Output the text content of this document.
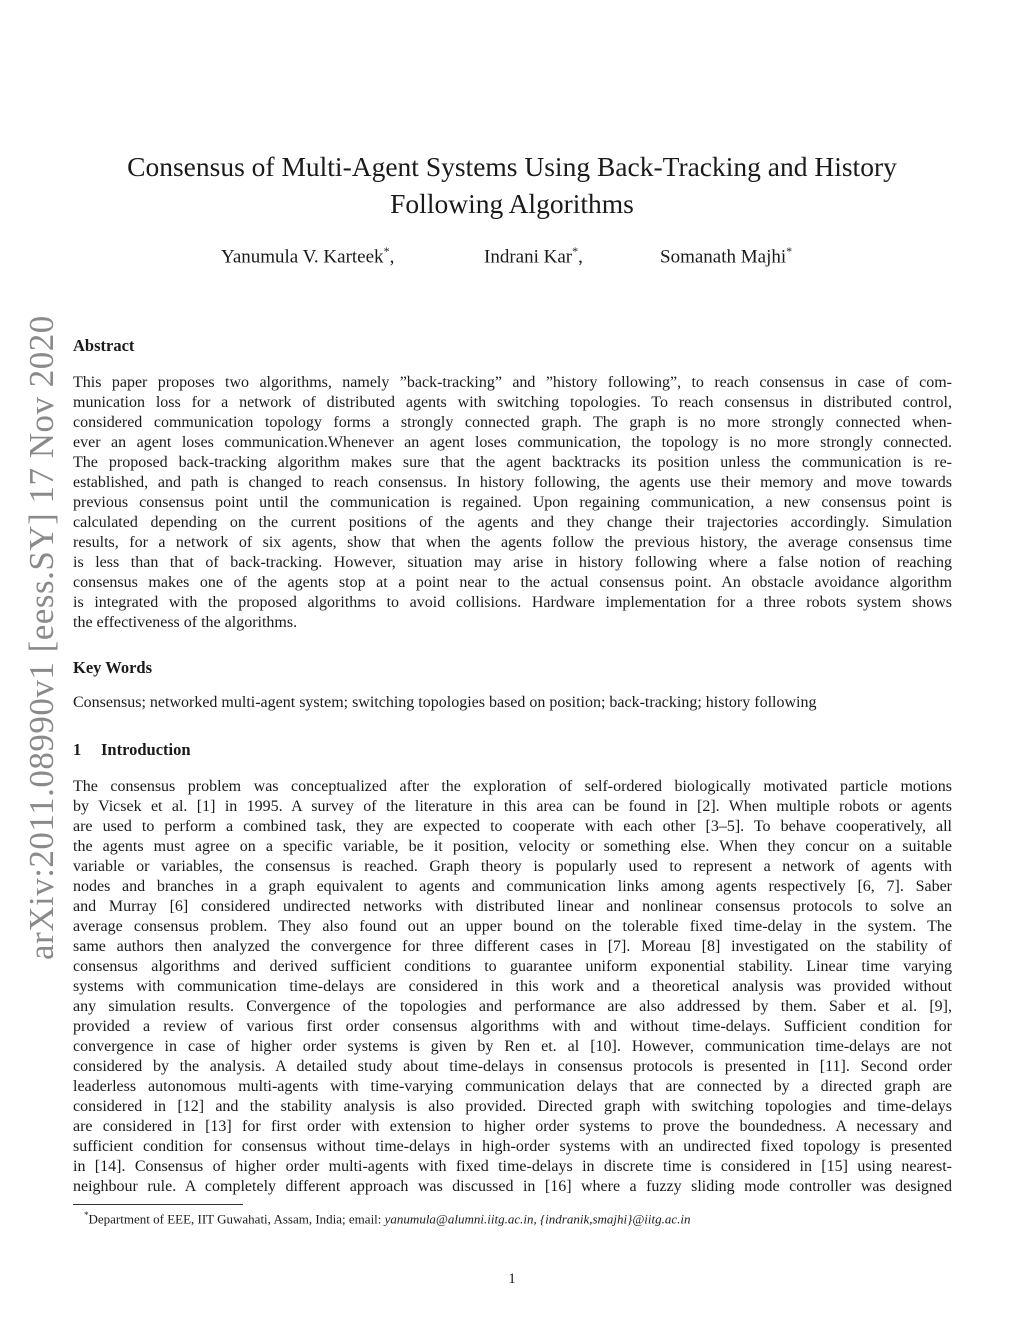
arXiv:2011.08990v1 [eess.SY] 17 Nov 2020
Consensus of Multi-Agent Systems Using Back-Tracking and History
Following Algorithms
Yanumula V. Karteek*,	Indrani Kar*,	Somanath Majhi*
Abstract
This paper proposes two algorithms, namely ”back-tracking” and ”history following”, to reach consensus in case of com-
munication loss for a network of distributed agents with switching topologies. To reach consensus in distributed control,
considered communication topology forms a strongly connected graph. The graph is no more strongly connected when-
ever an agent loses communication.Whenever an agent loses communication, the topology is no more strongly connected.
The proposed back-tracking algorithm makes sure that the agent backtracks its position unless the communication is re-
established, and path is changed to reach consensus. In history following, the agents use their memory and move towards
previous consensus point until the communication is regained. Upon regaining communication, a new consensus point is
calculated depending on the current positions of the agents and they change their trajectories accordingly. Simulation
results, for a network of six agents, show that when the agents follow the previous history, the average consensus time
is less than that of back-tracking. However, situation may arise in history following where a false notion of reaching
consensus makes one of the agents stop at a point near to the actual consensus point. An obstacle avoidance algorithm
is integrated with the proposed algorithms to avoid collisions. Hardware implementation for a three robots system shows
the effectiveness of the algorithms.
Key Words
Consensus; networked multi-agent system; switching topologies based on position; back-tracking; history following
1 Introduction
The consensus problem was conceptualized after the exploration of self-ordered biologically motivated particle motions
by Vicsek et al. [1] in 1995. A survey of the literature in this area can be found in [2]. When multiple robots or agents
are used to perform a combined task, they are expected to cooperate with each other [3–5]. To behave cooperatively, all
the agents must agree on a specific variable, be it position, velocity or something else. When they concur on a suitable
variable or variables, the consensus is reached. Graph theory is popularly used to represent a network of agents with
nodes and branches in a graph equivalent to agents and communication links among agents respectively [6, 7]. Saber
and Murray [6] considered undirected networks with distributed linear and nonlinear consensus protocols to solve an
average consensus problem. They also found out an upper bound on the tolerable fixed time-delay in the system. The
same authors then analyzed the convergence for three different cases in [7]. Moreau [8] investigated on the stability of
consensus algorithms and derived sufficient conditions to guarantee uniform exponential stability. Linear time varying
systems with communication time-delays are considered in this work and a theoretical analysis was provided without
any simulation results. Convergence of the topologies and performance are also addressed by them. Saber et al. [9],
provided a review of various first order consensus algorithms with and without time-delays. Sufficient condition for
convergence in case of higher order systems is given by Ren et. al [10]. However, communication time-delays are not
considered by the analysis. A detailed study about time-delays in consensus protocols is presented in [11]. Second order
leaderless autonomous multi-agents with time-varying communication delays that are connected by a directed graph are
considered in [12] and the stability analysis is also provided. Directed graph with switching topologies and time-delays
are considered in [13] for first order with extension to higher order systems to prove the boundedness. A necessary and
sufficient condition for consensus without time-delays in high-order systems with an undirected fixed topology is presented
in [14]. Consensus of higher order multi-agents with fixed time-delays in discrete time is considered in [15] using nearest-
neighbour rule. A completely different approach was discussed in [16] where a fuzzy sliding mode controller was designed
*Department of EEE, IIT Guwahati, Assam, India; email: yanumula@alumni.iitg.ac.in, {indranik,smajhi}@iitg.ac.in
1
